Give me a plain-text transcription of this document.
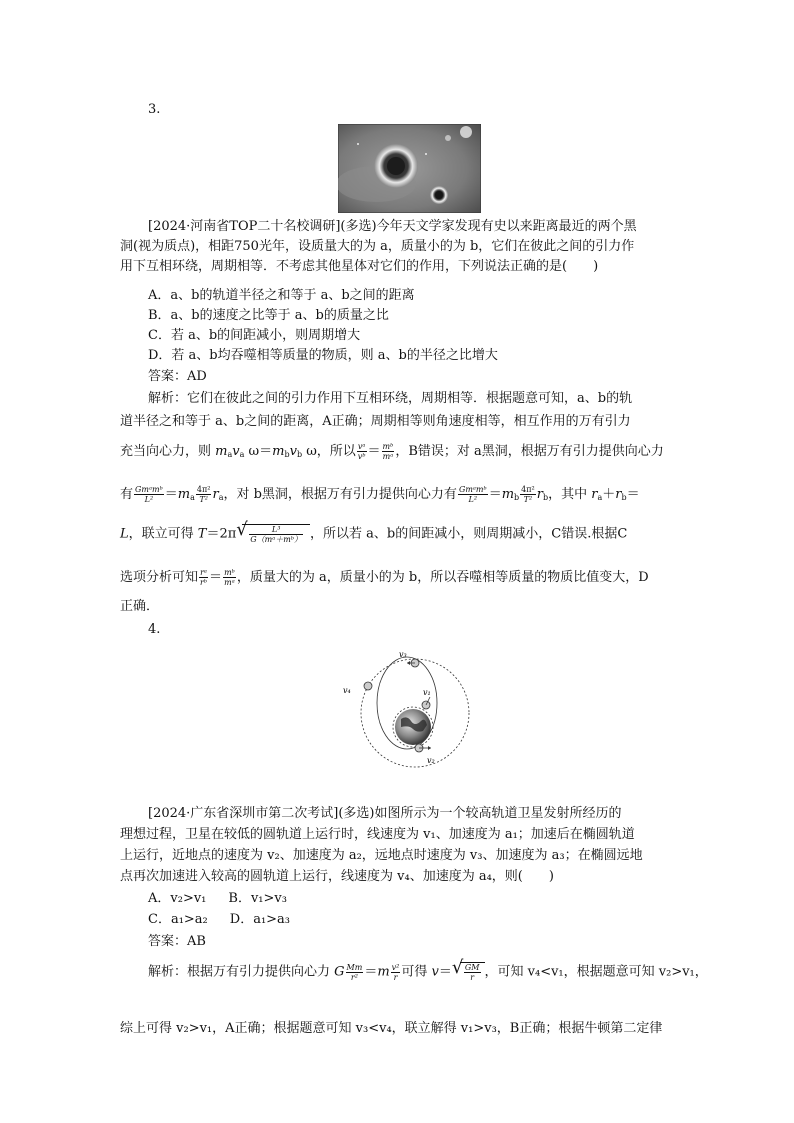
3.
[2024·河南省TOP二十名校调研](多选)今年天文学家发现有史以来距离最近的两个黑
洞(视为质点)，相距750光年，设质量大的为 a，质量小的为 b，它们在彼此之间的引力作
用下互相环绕，周期相等．不考虑其他星体对它们的作用，下列说法正确的是(　　)
A．a、b的轨道半径之和等于 a、b之间的距离
B．a、b的速度之比等于 a、b的质量之比
C．若 a、b的间距减小，则周期增大
D．若 a、b均吞噬相等质量的物质，则 a、b的半径之比增大
答案：AD
解析：它们在彼此之间的引力作用下互相环绕，周期相等．根据题意可知，a、b的轨
道半径之和等于 a、b之间的距离，A正确；周期相等则角速度相等，相互作用的万有引力
充当向心力，则 $m_av_a$ $\omega=m_bv_b$ ω，所以 $\frac{\text{vᵃ}}{\text{vᵇ}} = \frac{\text{mᵇ}}{\text{mᵃ}}$ ，B错误；对 a黑洞，根据万有引力提供向心力
有 $\frac{\text{Gmᵃmᵇ}}{\text{L²}} =m_a \frac{\text{4π²}}{\text{T²}} r_a$，对 b黑洞，根据万有引力提供向心力有 $\frac{\text{Gmᵃmᵇ}}{\text{L²}} =m_b \frac{\text{4π²}}{\text{T²}} r_b$，其中 $r_a+r_b=$
L，联立可得 T＝2π √ $\frac{\text{L³}}{\text{G（mᵃ＋mᵇ）}}$ ，所以若 a、b的间距减小，则周期减小，C错误.根据C
选项分析可知 $\frac{\text{rᵃ}}{\text{rᵇ}} = \frac{\text{mᵇ}}{\text{mᵃ}}$ ，质量大的为 a，质量小的为 b，所以吞噬相等质量的物质比值变大，D
正确．
4.
v₃
v₄	v₁
v₂
[2024·广东省深圳市第二次考试](多选)如图所示为一个较高轨道卫星发射所经历的
理想过程，卫星在较低的圆轨道上运行时，线速度为 v₁、加速度为 a₁；加速后在椭圆轨道
上运行，近地点的速度为 v₂、加速度为 a₂，远地点时速度为 v₃、加速度为 a₃；在椭圆远地
点再次加速进入较高的圆轨道上运行，线速度为 v₄、加速度为 a₄，则(　　)
A．v₂>v₁ B．v₁>v₃
C．a₁>a₂ D．a₁>a₃
答案：AB
解析：根据万有引力提供向心力 G $\frac{Mm}{\text{r²}} =m \frac{\text{v²}}{r}$ 可得 v＝ √ $\frac{GM}{r}$ ，可知 v₄<v₁，根据题意可知 v₂>v₁，
综上可得 v₂>v₁，A正确；根据题意可知 v₃<v₄，联立解得 v₁>v₃，B正确；根据牛顿第二定律
